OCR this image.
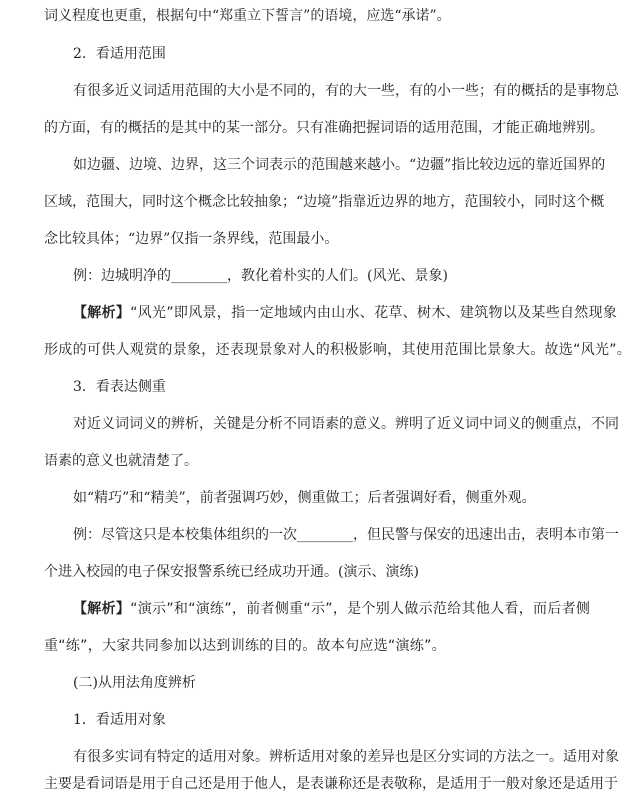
词义程度也更重，根据句中“郑重立下誓言”的语境，应选“承诺”。
2．看适用范围
有很多近义词适用范围的大小是不同的，有的大一些，有的小一些；有的概括的是事物总
的方面，有的概括的是其中的某一部分。只有准确把握词语的适用范围，才能正确地辨别。
如边疆、边境、边界，这三个词表示的范围越来越小。“边疆”指比较边远的靠近国界的
区域，范围大，同时这个概念比较抽象；“边境”指靠近边界的地方，范围较小，同时这个概
念比较具体；“边界”仅指一条界线，范围最小。
例：边城明净的________，教化着朴实的人们。(风光、景象)
【解析】“风光”即风景，指一定地域内由山水、花草、树木、建筑物以及某些自然现象
形成的可供人观赏的景象，还表现景象对人的积极影响，其使用范围比景象大。故选“风光”。
3．看表达侧重
对近义词词义的辨析，关键是分析不同语素的意义。辨明了近义词中词义的侧重点，不同
语素的意义也就清楚了。
如“精巧”和“精美”，前者强调巧妙，侧重做工；后者强调好看，侧重外观。
例：尽管这只是本校集体组织的一次________，但民警与保安的迅速出击，表明本市第一
个进入校园的电子保安报警系统已经成功开通。(演示、演练)
【解析】“演示”和“演练”，前者侧重“示”，是个别人做示范给其他人看，而后者侧
重“练”，大家共同参加以达到训练的目的。故本句应选“演练”。
(二)从用法角度辨析
1．看适用对象
有很多实词有特定的适用对象。辨析适用对象的差异也是区分实词的方法之一。适用对象
主要是看词语是用于自己还是用于他人，是表谦称还是表敬称，是适用于一般对象还是适用于
